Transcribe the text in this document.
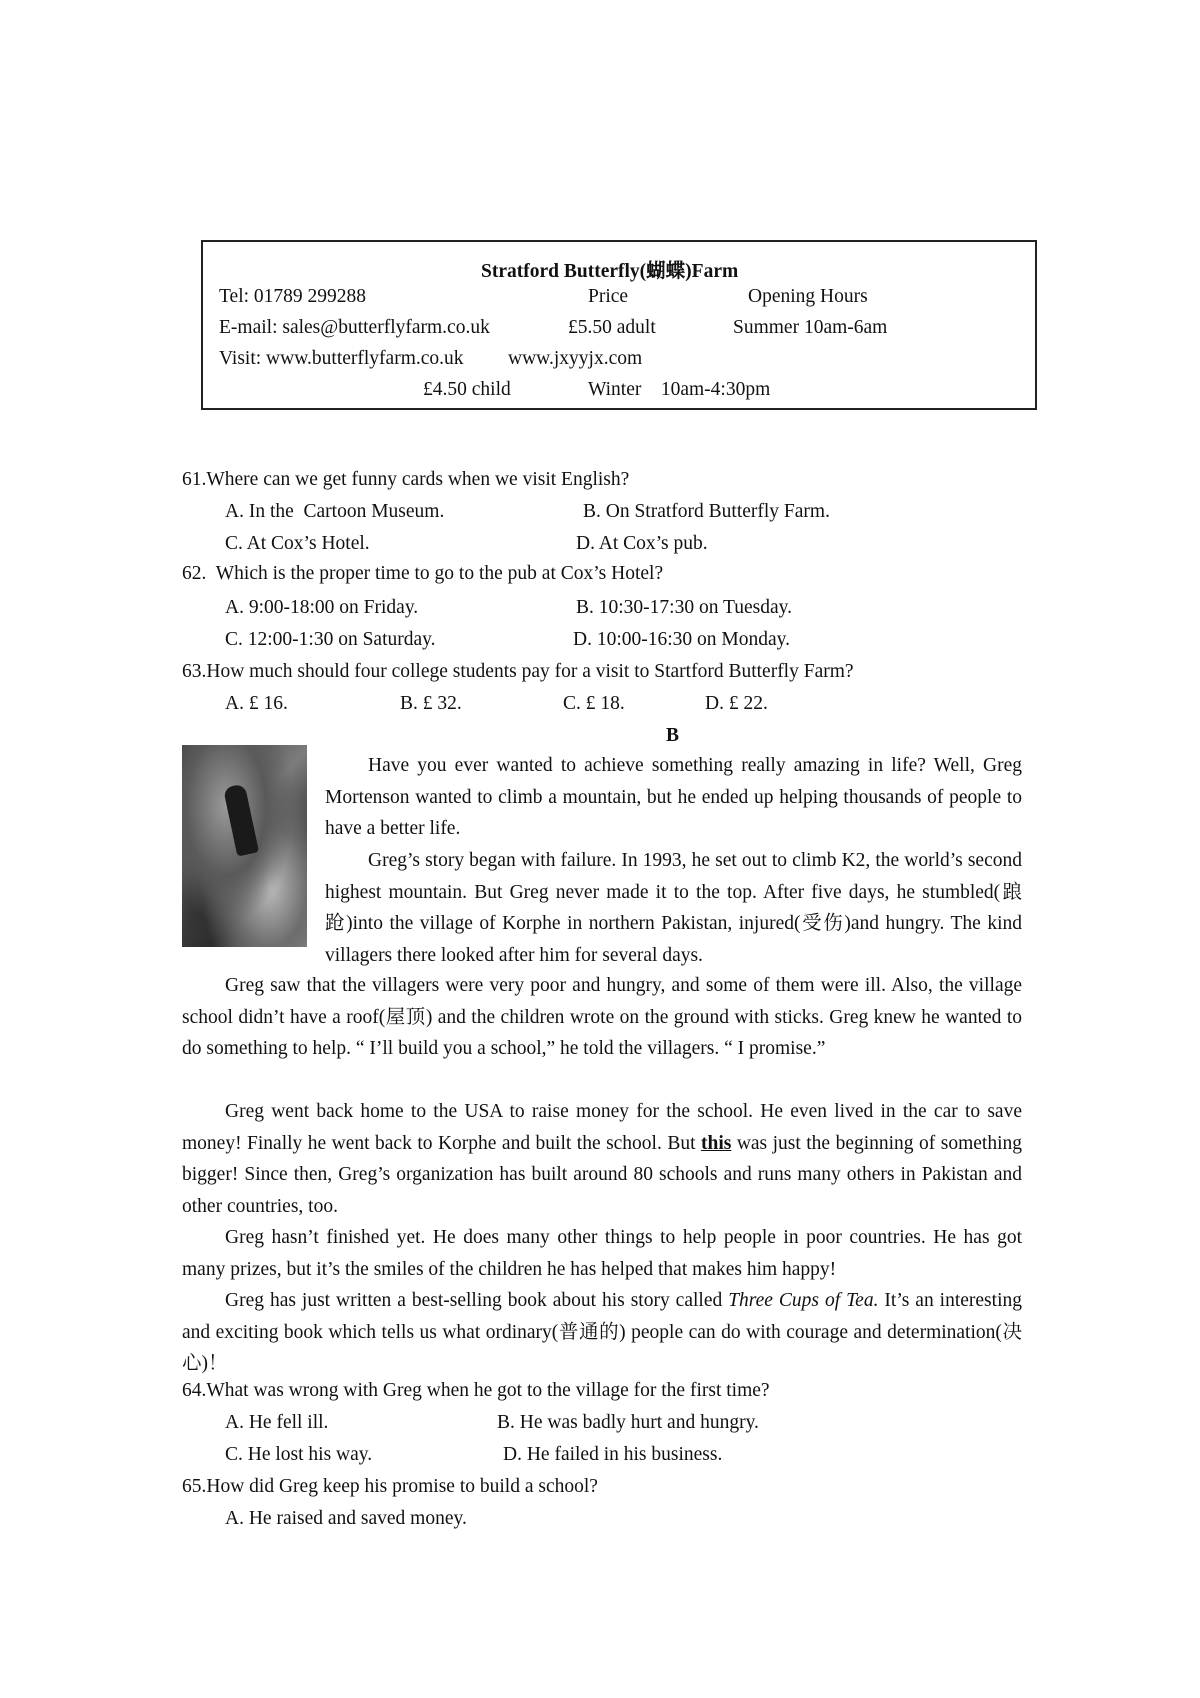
Stratford Butterfly(蝴蝶)Farm
Tel: 01789 299288	Price	Opening Hours
E-mail: sales@butterflyfarm.co.uk	£5.50 adult	Summer 10am-6am
Visit: www.butterflyfarm.co.uk www.jxyyjx.com
£4.50 child	Winter    10am-4:30pm
61.Where can we get funny cards when we visit English?
A. In the  Cartoon Museum.	B. On Stratford Butterfly Farm.
C. At Cox’s Hotel.	D. At Cox’s pub.
62.  Which is the proper time to go to the pub at Cox’s Hotel?
A. 9:00-18:00 on Friday.	B. 10:30-17:30 on Tuesday.
C. 12:00-1:30 on Saturday.	D. 10:00-16:30 on Monday.
63.How much should four college students pay for a visit to Startford Butterfly Farm?
A. £ 16.	B. £ 32.	C. £ 18.	D. £ 22.
B
Have you ever wanted to achieve something really amazing in life? Well, Greg Mortenson wanted to climb a mountain, but he ended up helping thousands of people to have a better life.
Greg’s story began with failure. In 1993, he set out to climb K2, the world’s second highest mountain. But Greg never made it to the top. After five days, he stumbled(踉跄)into the village of Korphe in northern Pakistan, injured(受伤)and hungry. The kind villagers there looked after him for several days.
Greg saw that the villagers were very poor and hungry, and some of them were ill. Also, the village school didn’t have a roof(屋顶) and the children wrote on the ground with sticks. Greg knew he wanted to do something to help. “ I’ll build you a school,” he told the villagers. “ I promise.”
Greg went back home to the USA to raise money for the school. He even lived in the car to save money! Finally he went back to Korphe and built the school. But this was just the beginning of something bigger! Since then, Greg’s organization has built around 80 schools and runs many others in Pakistan and other countries, too.
Greg hasn’t finished yet. He does many other things to help people in poor countries. He has got many prizes, but it’s the smiles of the children he has helped that makes him happy!
Greg has just written a best-selling book about his story called Three Cups of Tea. It’s an interesting and exciting book which tells us what ordinary(普通的) people can do with courage and determination(决心)！
64.What was wrong with Greg when he got to the village for the first time?
A. He fell ill.	B. He was badly hurt and hungry.
C. He lost his way.	D. He failed in his business.
65.How did Greg keep his promise to build a school?
A. He raised and saved money.
